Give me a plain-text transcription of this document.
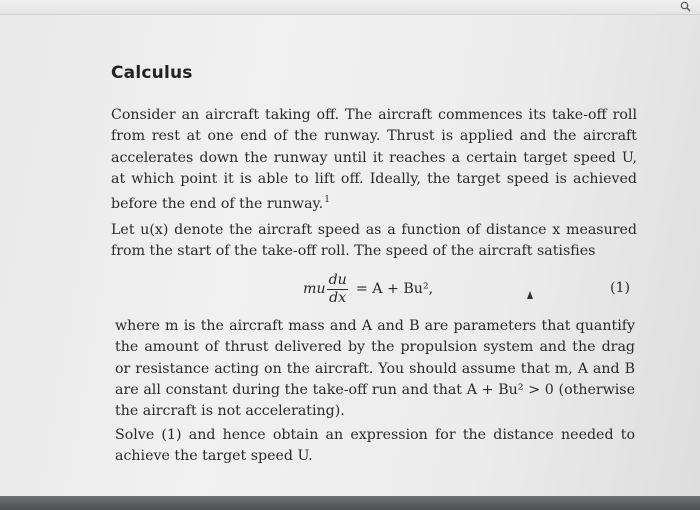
Calculus

Consider an aircraft taking off. The aircraft commences its take-off roll from rest at one end of the runway. Thrust is applied and the aircraft accelerates down the runway until it reaches a certain target speed U, at which point it is able to lift off. Ideally, the target speed is achieved before the end of the runway.$^1$

Let u(x) denote the aircraft speed as a function of distance x measured from the start of the take-off roll. The speed of the aircraft satisfies

mu $\frac{du}{dx} = A + Bu^2$,	(1)

where m is the aircraft mass and A and B are parameters that quantify the amount of thrust delivered by the propulsion system and the drag or resistance acting on the aircraft. You should assume that m, A and B are all constant during the take-off run and that A + Bu² > 0 (otherwise the aircraft is not accelerating).

Solve (1) and hence obtain an expression for the distance needed to achieve the target speed U.
